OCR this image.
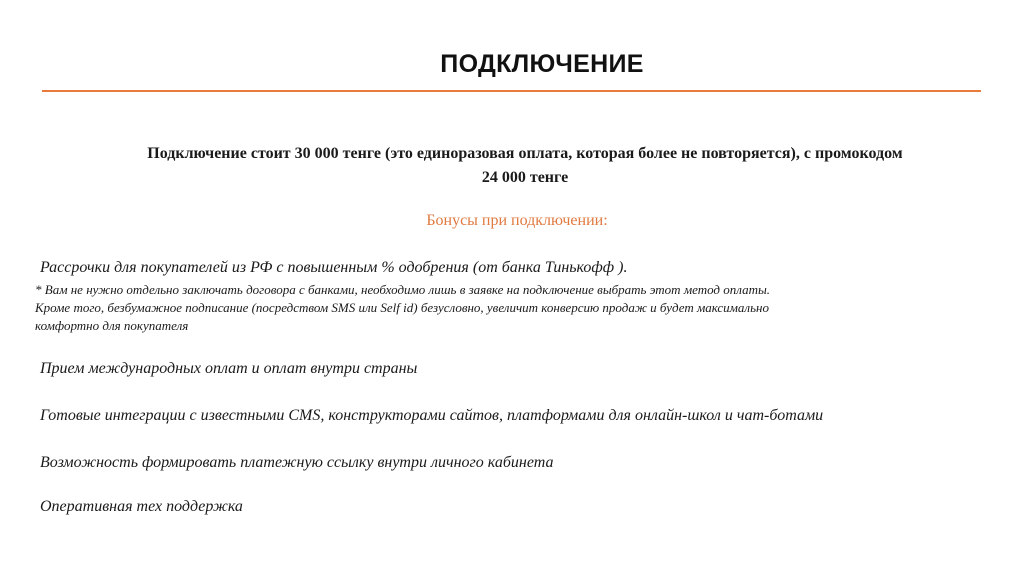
ПОДКЛЮЧЕНИЕ
Подключение стоит 30 000 тенге (это единоразовая оплата, которая более не повторяется), с промокодом
24 000 тенге
Бонусы при подключении:
Рассрочки для покупателей из РФ с повышенным % одобрения (от банка Тинькофф ).
* Вам не нужно отдельно заключать договора с банками, необходимо лишь в заявке на подключение выбрать этот метод оплаты.
Кроме того, безбумажное подписание (посредством SMS или Self id) безусловно, увеличит конверсию продаж и будет максимально
комфортно для покупателя
Прием международных оплат и оплат внутри страны
Готовые интеграции с известными CMS, конструкторами сайтов, платформами для онлайн-школ и чат-ботами
Возможность формировать платежную ссылку внутри личного кабинета
Оперативная тех поддержка
